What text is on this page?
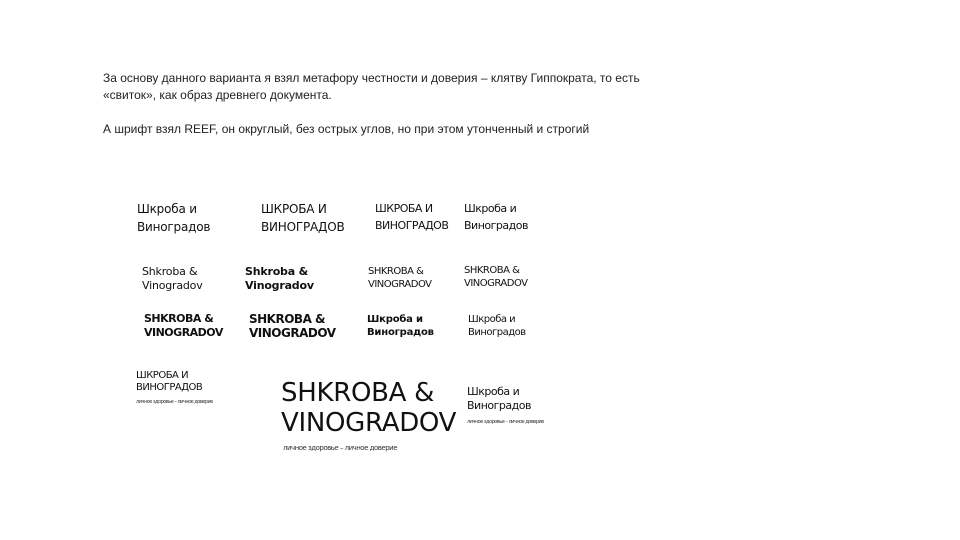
За основу данного варианта я взял метафору честности и доверия – клятву Гиппократа, то есть

«свиток», как образ древнего документа.

А шрифт взял REEF, он округлый, без острых углов, но при этом утонченный и строгий

Шкроба и
Виноградов
ШКРОБА И
ВИНОГРАДОВ
ШКРОБА И
ВИНОГРАДОВ
Шкроба и
Виноградов
Shkroba &
Vinogradov
Shkroba &
Vinogradov
SHKROBA &
VINOGRADOV
SHKROBA &
VINOGRADOV
SHKROBA &
VINOGRADOV
SHKROBA &
VINOGRADOV
Шкроба и
Виноградов
Шкроба и
Виноградов
ШКРОБА И
ВИНОГРАДОВ
личное здоровье – личное доверие	SHKROBA &
VINOGRADOV
личное здоровье – личное доверие
Шкроба и
Виноградов
личное здоровье – личное доверие
